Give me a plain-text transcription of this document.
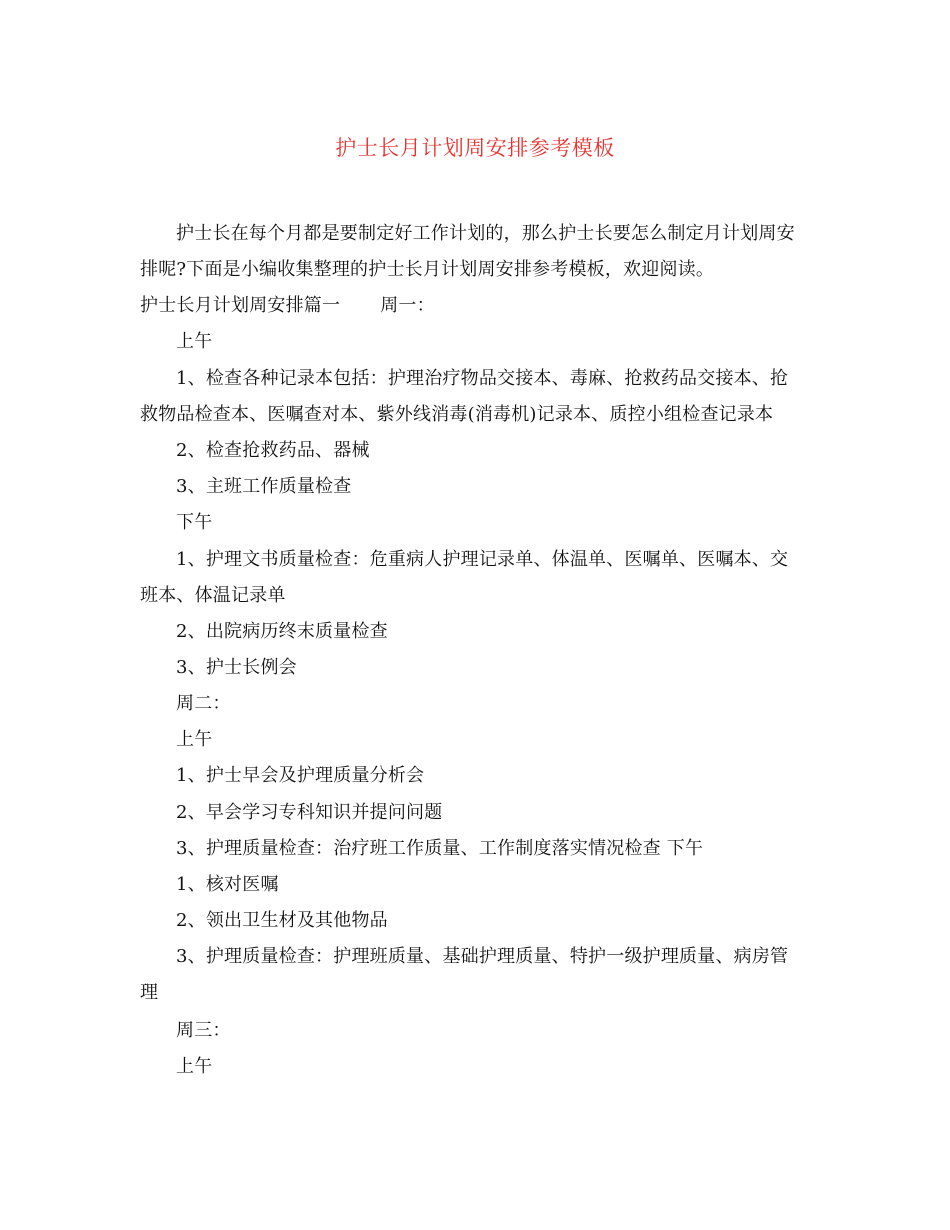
护士长月计划周安排参考模板
护士长在每个月都是要制定好工作计划的，那么护士长要怎么制定月计划周安
排呢?下面是小编收集整理的护士长月计划周安排参考模板，欢迎阅读。
护士长月计划周安排篇一 周一：
上午
1、检查各种记录本包括：护理治疗物品交接本、毒麻、抢救药品交接本、抢
救物品检查本、医嘱查对本、紫外线消毒(消毒机)记录本、质控小组检查记录本
2、检查抢救药品、器械
3、主班工作质量检查
下午
1、护理文书质量检查：危重病人护理记录单、体温单、医嘱单、医嘱本、交
班本、体温记录单
2、出院病历终末质量检查
3、护士长例会
周二：
上午
1、护士早会及护理质量分析会
2、早会学习专科知识并提问问题
3、护理质量检查：治疗班工作质量、工作制度落实情况检查 下午
1、核对医嘱
2、领出卫生材及其他物品
3、护理质量检查：护理班质量、基础护理质量、特护一级护理质量、病房管
理
周三：
上午
